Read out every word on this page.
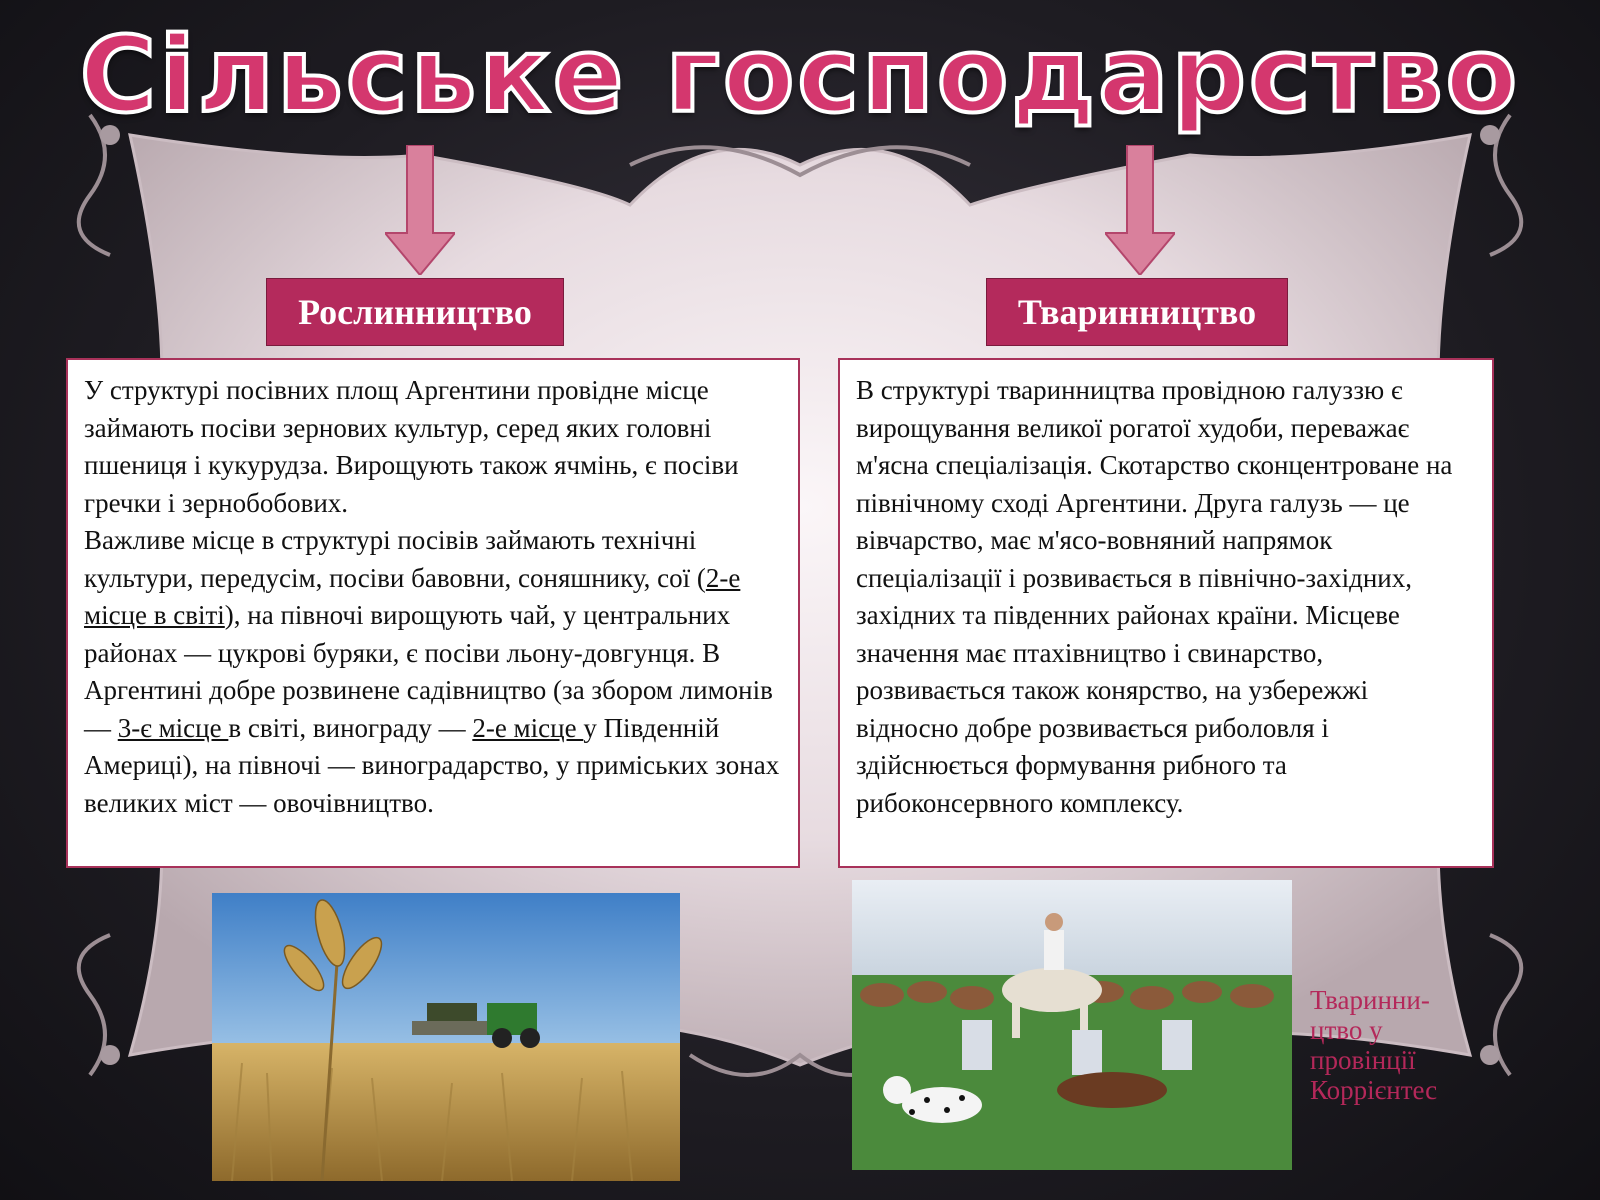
Сільське господарство
Рослинництво	Тваринництво

У структурі посівних площ Аргентини провідне місце займають посіви зернових культур, серед яких головні пшениця і кукурудза. Вирощують також ячмінь, є посіви гречки і зернобобових.

Важливе місце в структурі посівів займають технічні культури, передусім, посіви бавовни, соняшнику, сої (2-е місце в світі), на півночі вирощують чай, у центральних районах — цукрові буряки, є посіви льону-довгунця. В Аргентині добре розвинене садівництво (за збором лимонів — 3-є місце в світі, винограду — 2-е місце у Південній Америці), на півночі — виноградарство, у приміських зонах великих міст — овочівництво.

В структурі тваринництва провідною галуззю є вирощування великої рогатої худоби, переважає м'ясна спеціалізація. Скотарство сконцентроване на північному сході Аргентини. Друга галузь — це вівчарство, має м'ясо-вовняний напрямок спеціалізації і розвивається в північно-західних, західних та південних районах країни. Місцеве значення має птахівництво і свинарство, розвивається також конярство, на узбережжі відносно добре розвивається риболовля і здійснюється формування рибного та рибоконсервного комплексу.

Тваринни-цтво у провінції Коррієнтес
